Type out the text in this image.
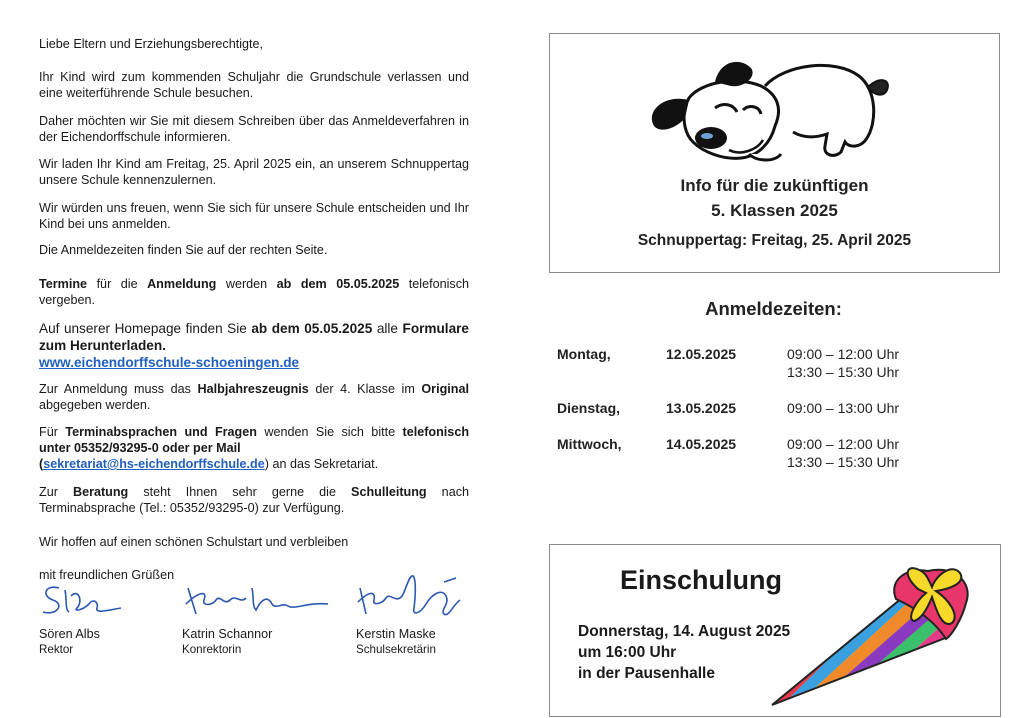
Liebe Eltern und Erziehungsberechtigte,

Ihr Kind wird zum kommenden Schuljahr die Grundschule verlassen und eine weiterführende Schule besuchen.

Daher möchten wir Sie mit diesem Schreiben über das Anmeldeverfahren in der Eichendorffschule informieren.

Wir laden Ihr Kind am Freitag, 25. April 2025 ein, an unserem Schnuppertag unsere Schule kennenzulernen.

Wir würden uns freuen, wenn Sie sich für unsere Schule entscheiden und Ihr Kind bei uns anmelden.

Die Anmeldezeiten finden Sie auf der rechten Seite.

Termine für die Anmeldung werden ab dem 05.05.2025 telefonisch vergeben.

Auf unserer Homepage finden Sie ab dem 05.05.2025 alle Formulare zum Herunterladen.
www.eichendorffschule-schoeningen.de

Zur Anmeldung muss das Halbjahreszeugnis der 4. Klasse im Original abgegeben werden.

Für Terminabsprachen und Fragen wenden Sie sich bitte telefonisch unter 05352/93295-0 oder per Mail
(sekretariat@hs-eichendorffschule.de) an das Sekretariat.

Zur Beratung steht Ihnen sehr gerne die Schulleitung nach Terminabsprache (Tel.: 05352/93295-0) zur Verfügung.

Wir hoffen auf einen schönen Schulstart und verbleiben

mit freundlichen Grüßen

Sören Albs
Rektor
Katrin Schannor
Konrektorin
Kerstin Maske
Schulsekretärin
Info für die zukünftigen
5. Klassen 2025
Schnuppertag: Freitag, 25. April 2025
Anmeldezeiten:
Montag,	12.05.2025	09:00 – 12:00 Uhr
13:30 – 15:30 Uhr
Dienstag,	13.05.2025	09:00 – 13:00 Uhr
Mittwoch,	14.05.2025	09:00 – 12:00 Uhr
13:30 – 15:30 Uhr
Einschulung
Donnerstag, 14. August 2025
um 16:00 Uhr
in der Pausenhalle
